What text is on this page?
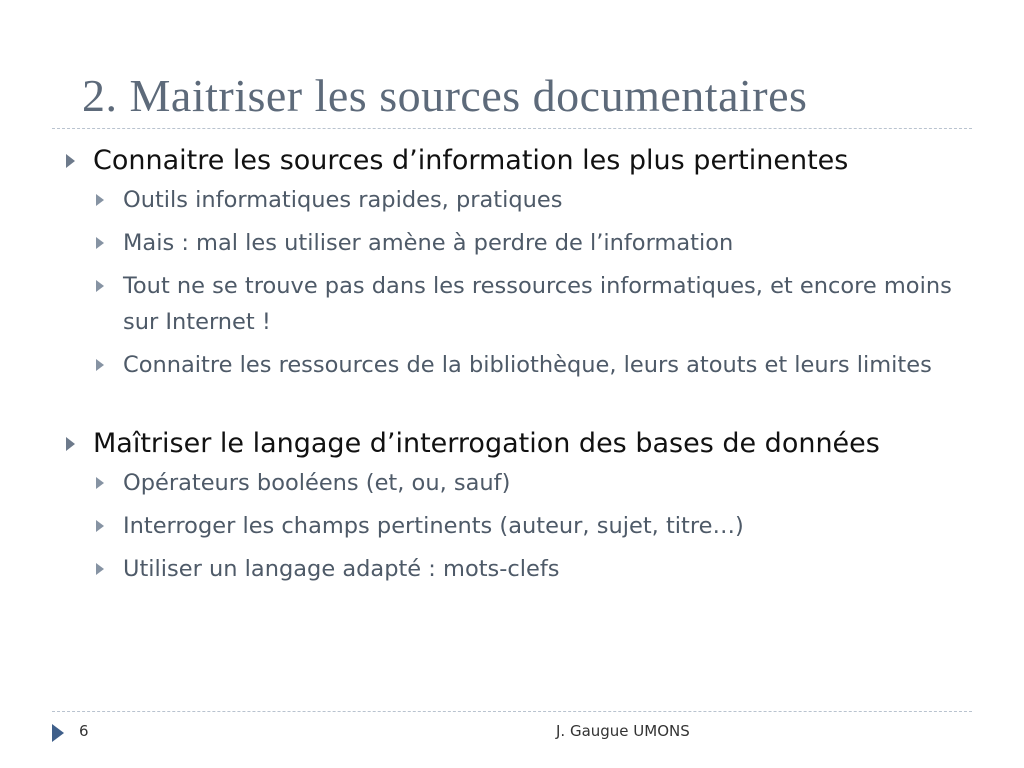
2. Maitriser les sources documentaires
Connaitre les sources d’information les plus pertinentes
Outils informatiques rapides, pratiques
Mais : mal les utiliser amène à perdre de l’information
Tout ne se trouve pas dans les ressources informatiques, et encore moins sur Internet !
Connaitre les ressources de la bibliothèque, leurs atouts et leurs limites
Maîtriser le langage d’interrogation des bases de données
Opérateurs booléens (et, ou, sauf)
Interroger les champs pertinents (auteur, sujet, titre…)
Utiliser un langage adapté : mots-clefs
6	J. Gaugue UMONS
